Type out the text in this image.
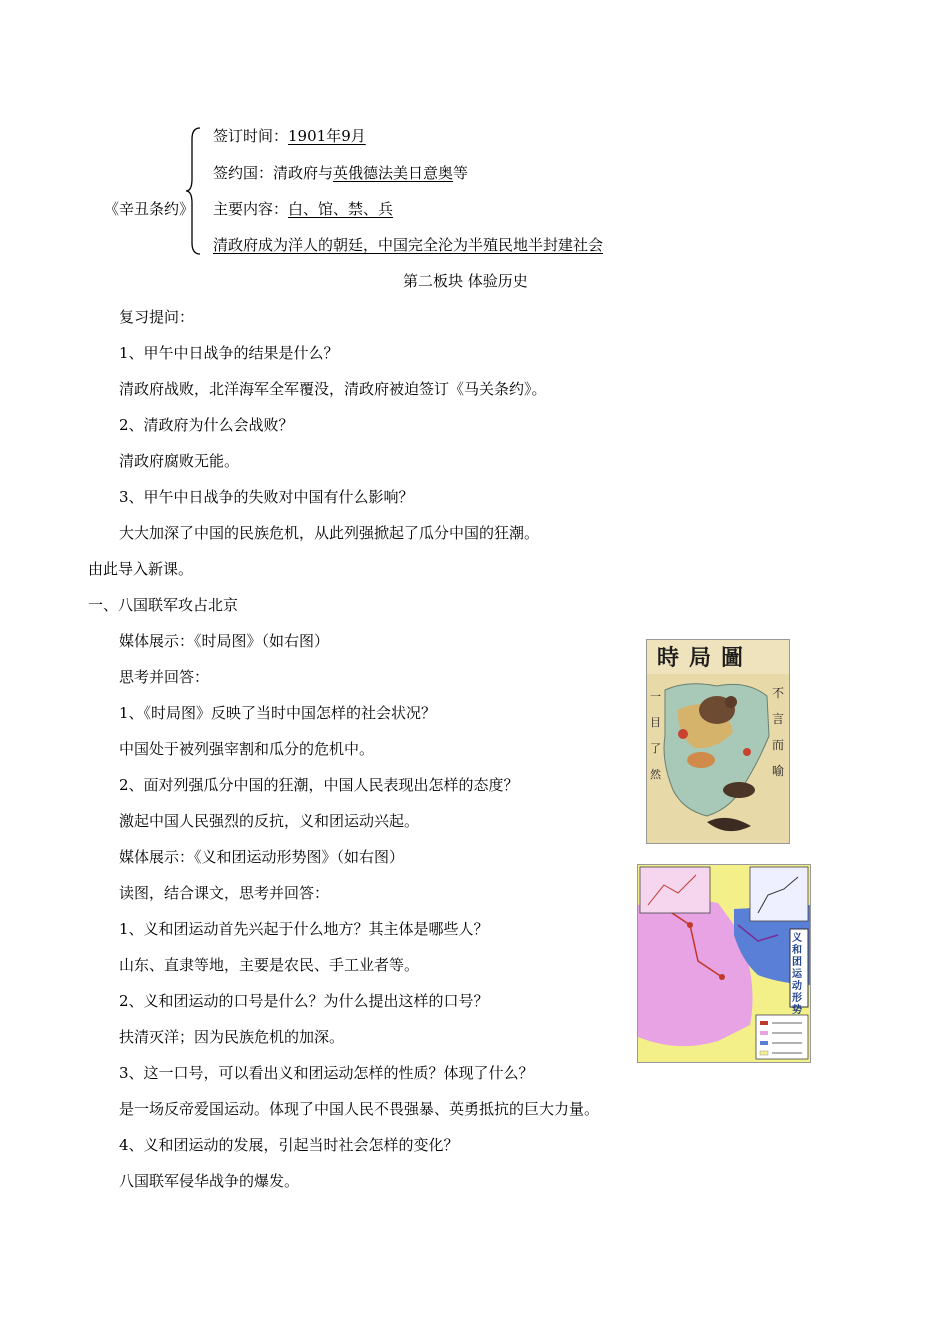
《辛丑条约》
签订时间：1901年9月
签约国：清政府与英俄德法美日意奥等
主要内容：白、馆、禁、兵
清政府成为洋人的朝廷，中国完全沦为半殖民地半封建社会
第二板块 体验历史
复习提问：
1、甲午中日战争的结果是什么？
清政府战败，北洋海军全军覆没，清政府被迫签订《马关条约》。
2、清政府为什么会战败？
清政府腐败无能。
3、甲午中日战争的失败对中国有什么影响？
大大加深了中国的民族危机，从此列强掀起了瓜分中国的狂潮。
由此导入新课。
一、八国联军攻占北京
媒体展示：《时局图》（如右图）
思考并回答：
1、《时局图》反映了当时中国怎样的社会状况？
中国处于被列强宰割和瓜分的危机中。
2、面对列强瓜分中国的狂潮，中国人民表现出怎样的态度？
激起中国人民强烈的反抗，义和团运动兴起。
媒体展示：《义和团运动形势图》（如右图）
读图，结合课文，思考并回答：
1、义和团运动首先兴起于什么地方？其主体是哪些人？
山东、直隶等地，主要是农民、手工业者等。
2、义和团运动的口号是什么？为什么提出这样的口号？
扶清灭洋；因为民族危机的加深。
3、这一口号，可以看出义和团运动怎样的性质？体现了什么？
是一场反帝爱国运动。体现了中国人民不畏强暴、英勇抵抗的巨大力量。
4、义和团运动的发展，引起当时社会怎样的变化？
八国联军侵华战争的爆发。
時局圖
不言而喻
一目了然
义和团运动形势
